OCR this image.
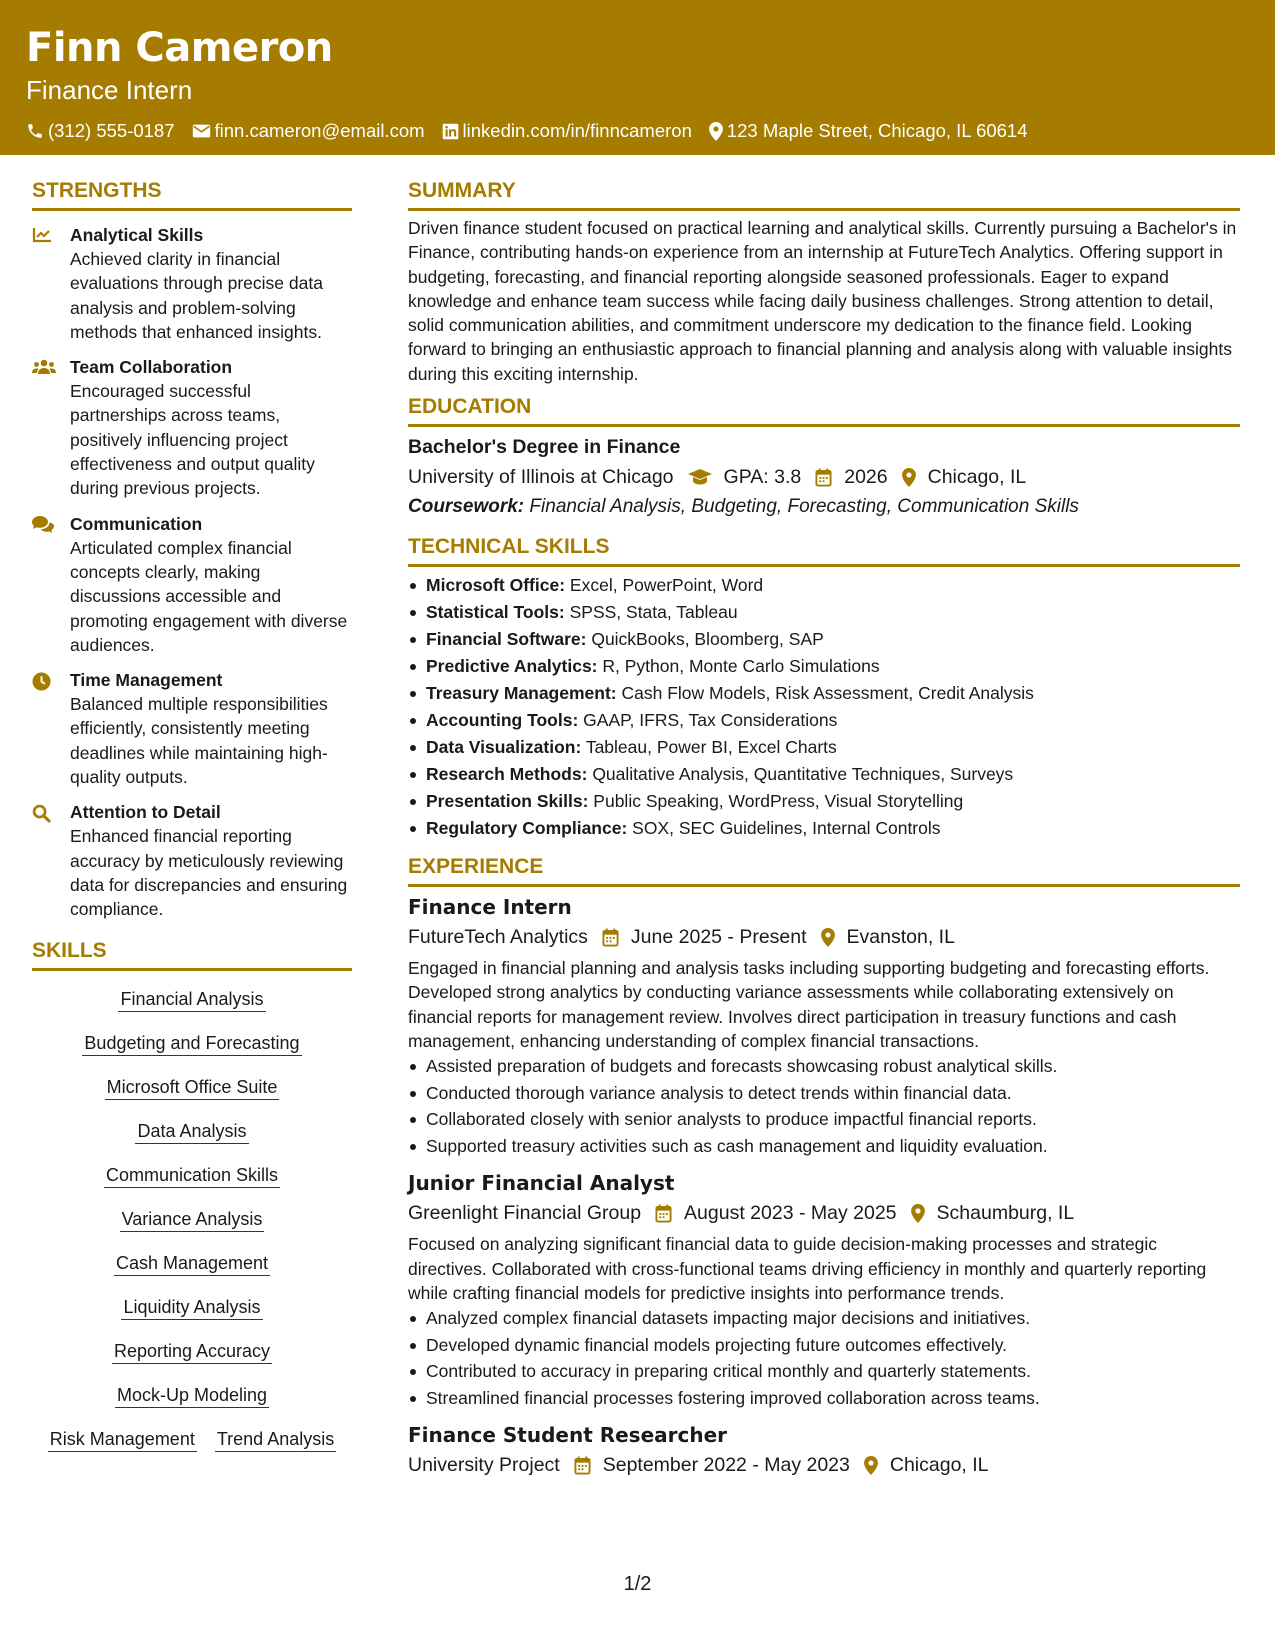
Finn Cameron
Finance Intern
(312) 555-0187 finn.cameron@email.com linkedin.com/in/finncameron 123 Maple Street, Chicago, IL 60614
STRENGTHS
Analytical Skills
Achieved clarity in financial evaluations through precise data analysis and problem-solving methods that enhanced insights.
Team Collaboration
Encouraged successful partnerships across teams, positively influencing project effectiveness and output quality during previous projects.
Communication
Articulated complex financial concepts clearly, making discussions accessible and promoting engagement with diverse audiences.
Time Management
Balanced multiple responsibilities efficiently, consistently meeting deadlines while maintaining high-quality outputs.
Attention to Detail
Enhanced financial reporting accuracy by meticulously reviewing data for discrepancies and ensuring compliance.
SKILLS
Financial Analysis
Budgeting and Forecasting
Microsoft Office Suite
Data Analysis
Communication Skills
Variance Analysis
Cash Management
Liquidity Analysis
Reporting Accuracy
Mock-Up Modeling
Risk Management Trend Analysis
SUMMARY
Driven finance student focused on practical learning and analytical skills. Currently pursuing a Bachelor's in Finance, contributing hands-on experience from an internship at FutureTech Analytics. Offering support in budgeting, forecasting, and financial reporting alongside seasoned professionals. Eager to expand knowledge and enhance team success while facing daily business challenges. Strong attention to detail, solid communication abilities, and commitment underscore my dedication to the finance field. Looking forward to bringing an enthusiastic approach to financial planning and analysis along with valuable insights during this exciting internship.
EDUCATION
Bachelor's Degree in Finance
University of Illinois at Chicago	GPA: 3.8 2026 Chicago, IL
Coursework: Financial Analysis, Budgeting, Forecasting, Communication Skills
TECHNICAL SKILLS
Microsoft Office: Excel, PowerPoint, Word
Statistical Tools: SPSS, Stata, Tableau
Financial Software: QuickBooks, Bloomberg, SAP
Predictive Analytics: R, Python, Monte Carlo Simulations
Treasury Management: Cash Flow Models, Risk Assessment, Credit Analysis
Accounting Tools: GAAP, IFRS, Tax Considerations
Data Visualization: Tableau, Power BI, Excel Charts
Research Methods: Qualitative Analysis, Quantitative Techniques, Surveys
Presentation Skills: Public Speaking, WordPress, Visual Storytelling
Regulatory Compliance: SOX, SEC Guidelines, Internal Controls
EXPERIENCE
Finance Intern
FutureTech Analytics June 2025 - Present Evanston, IL
Engaged in financial planning and analysis tasks including supporting budgeting and forecasting efforts. Developed strong analytics by conducting variance assessments while collaborating extensively on financial reports for management review. Involves direct participation in treasury functions and cash management, enhancing understanding of complex financial transactions.
Assisted preparation of budgets and forecasts showcasing robust analytical skills.
Conducted thorough variance analysis to detect trends within financial data.
Collaborated closely with senior analysts to produce impactful financial reports.
Supported treasury activities such as cash management and liquidity evaluation.
Junior Financial Analyst
Greenlight Financial Group August 2023 - May 2025 Schaumburg, IL
Focused on analyzing significant financial data to guide decision-making processes and strategic directives. Collaborated with cross-functional teams driving efficiency in monthly and quarterly reporting while crafting financial models for predictive insights into performance trends.
Analyzed complex financial datasets impacting major decisions and initiatives.
Developed dynamic financial models projecting future outcomes effectively.
Contributed to accuracy in preparing critical monthly and quarterly statements.
Streamlined financial processes fostering improved collaboration across teams.
Finance Student Researcher
University Project September 2022 - May 2023 Chicago, IL
1/2
